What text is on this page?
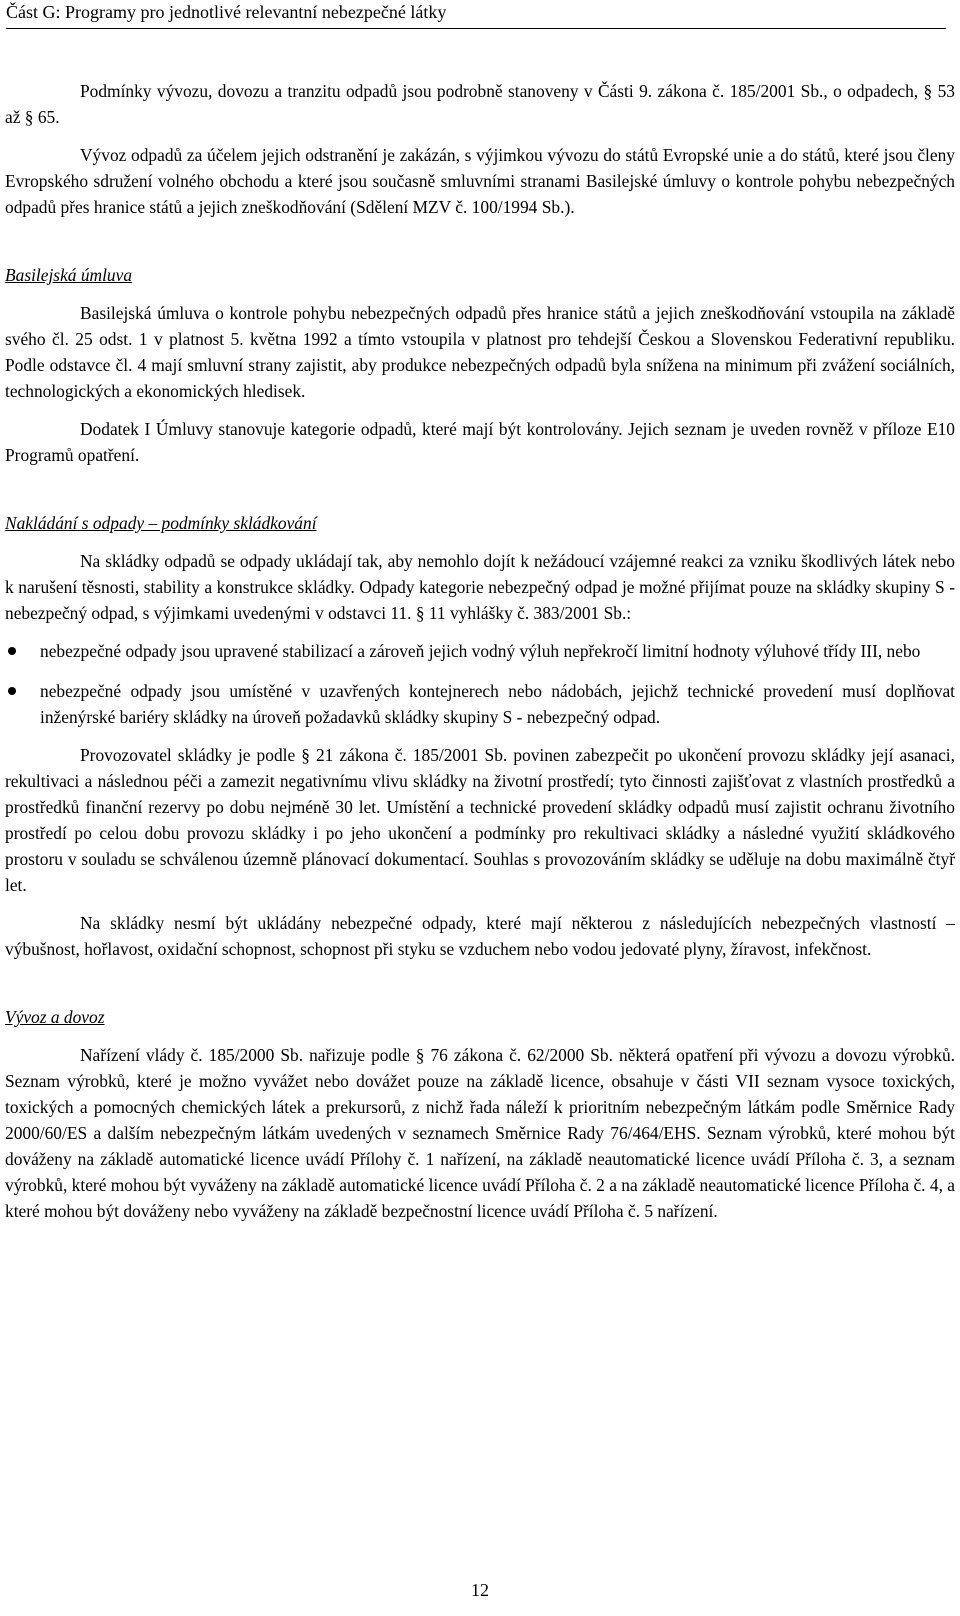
Část G: Programy pro jednotlivé relevantní nebezpečné látky

Podmínky vývozu, dovozu a tranzitu odpadů jsou podrobně stanoveny v Části 9. zákona č. 185/2001 Sb., o odpadech, § 53 až § 65.

Vývoz odpadů za účelem jejich odstranění je zakázán, s výjimkou vývozu do států Evropské unie a do států, které jsou členy Evropského sdružení volného obchodu a které jsou současně smluvními stranami Basilejské úmluvy o kontrole pohybu nebezpečných odpadů přes hranice států a jejich zneškodňování (Sdělení MZV č. 100/1994 Sb.).

Basilejská úmluva

Basilejská úmluva o kontrole pohybu nebezpečných odpadů přes hranice států a jejich zneškodňování vstoupila na základě svého čl. 25 odst. 1 v platnost 5. května 1992 a tímto vstoupila v platnost pro tehdejší Českou a Slovenskou Federativní republiku. Podle odstavce čl. 4 mají smluvní strany zajistit, aby produkce nebezpečných odpadů byla snížena na minimum při zvážení sociálních, technologických a ekonomických hledisek.

Dodatek I Úmluvy stanovuje kategorie odpadů, které mají být kontrolovány. Jejich seznam je uveden rovněž v příloze E10 Programů opatření.

Nakládání s odpady – podmínky skládkování

Na skládky odpadů se odpady ukládají tak, aby nemohlo dojít k nežádoucí vzájemné reakci za vzniku škodlivých látek nebo k narušení těsnosti, stability a konstrukce skládky. Odpady kategorie nebezpečný odpad je možné přijímat pouze na skládky skupiny S - nebezpečný odpad, s výjimkami uvedenými v odstavci 11. § 11 vyhlášky č. 383/2001 Sb.:

nebezpečné odpady jsou upravené stabilizací a zároveň jejich vodný výluh nepřekročí limitní hodnoty výluhové třídy III, nebo
nebezpečné odpady jsou umístěné v uzavřených kontejnerech nebo nádobách, jejichž technické provedení musí doplňovat inženýrské bariéry skládky na úroveň požadavků skládky skupiny S - nebezpečný odpad.

Provozovatel skládky je podle § 21 zákona č. 185/2001 Sb. povinen zabezpečit po ukončení provozu skládky její asanaci, rekultivaci a následnou péči a zamezit negativnímu vlivu skládky na životní prostředí; tyto činnosti zajišťovat z vlastních prostředků a prostředků finanční rezervy po dobu nejméně 30 let. Umístění a technické provedení skládky odpadů musí zajistit ochranu životního prostředí po celou dobu provozu skládky i po jeho ukončení a podmínky pro rekultivaci skládky a následné využití skládkového prostoru v souladu se schválenou územně plánovací dokumentací. Souhlas s provozováním skládky se uděluje na dobu maximálně čtyř let.

Na skládky nesmí být ukládány nebezpečné odpady, které mají některou z následujících nebezpečných vlastností – výbušnost, hořlavost, oxidační schopnost, schopnost při styku se vzduchem nebo vodou jedovaté plyny, žíravost, infekčnost.

Vývoz a dovoz

Nařízení vlády č. 185/2000 Sb. nařizuje podle § 76 zákona č. 62/2000 Sb. některá opatření při vývozu a dovozu výrobků. Seznam výrobků, které je možno vyvážet nebo dovážet pouze na základě licence, obsahuje v části VII seznam vysoce toxických, toxických a pomocných chemických látek a prekursorů, z nichž řada náleží k prioritním nebezpečným látkám podle Směrnice Rady 2000/60/ES a dalším nebezpečným látkám uvedených v seznamech Směrnice Rady 76/464/EHS. Seznam výrobků, které mohou být dováženy na základě automatické licence uvádí Přílohy č. 1 nařízení, na základě neautomatické licence uvádí Příloha č. 3, a seznam výrobků, které mohou být vyváženy na základě automatické licence uvádí Příloha č. 2 a na základě neautomatické licence Příloha č. 4, a které mohou být dováženy nebo vyváženy na základě bezpečnostní licence uvádí Příloha č. 5 nařízení.

12
